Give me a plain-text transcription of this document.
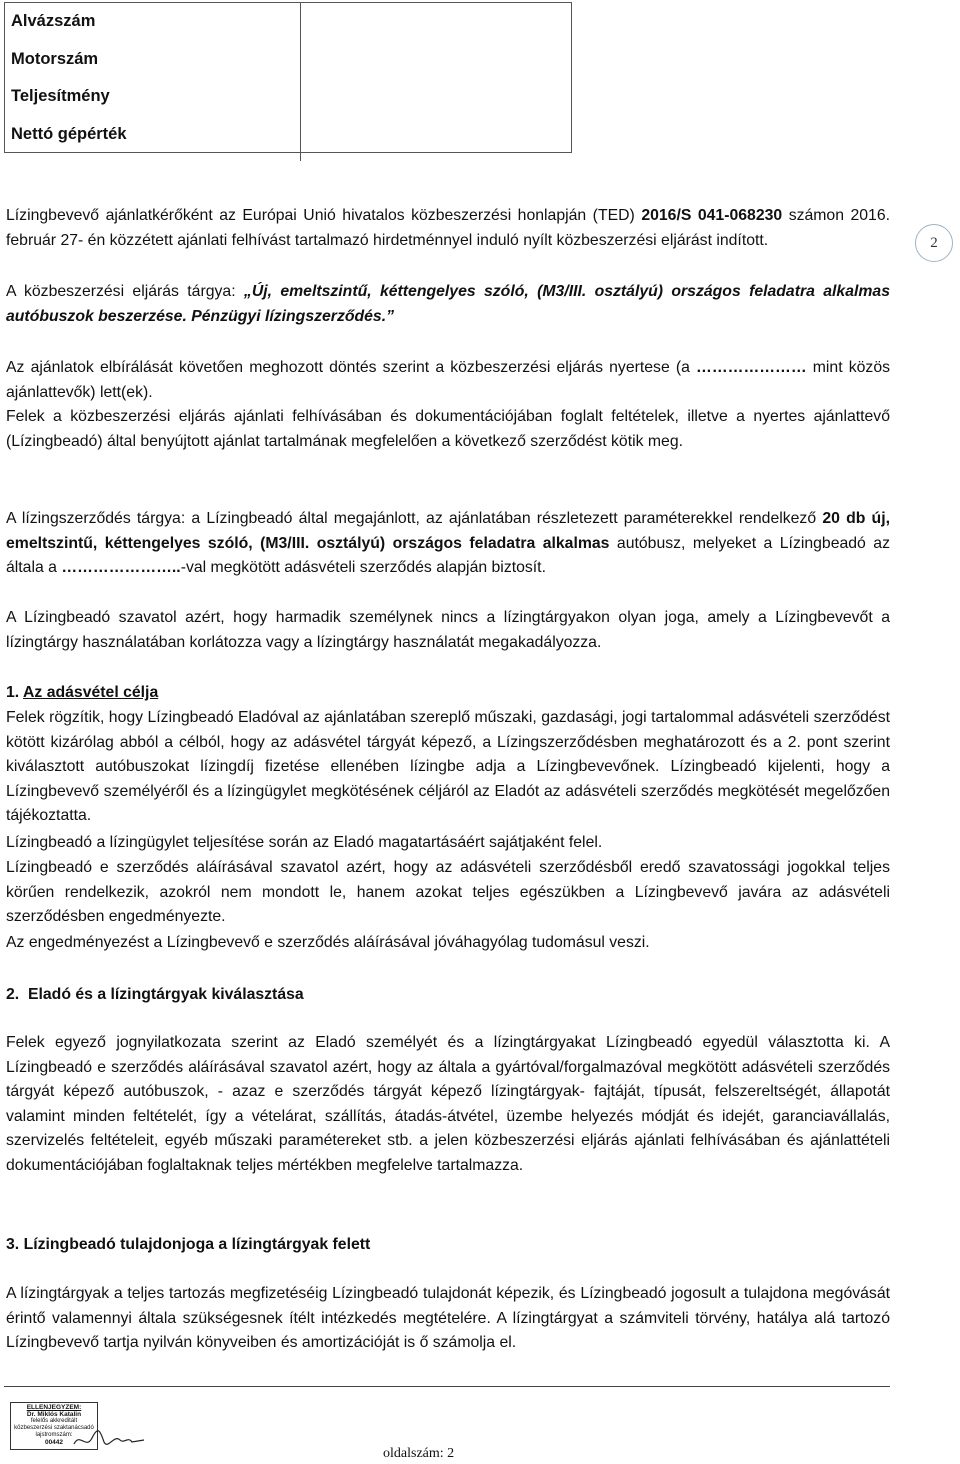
Alvázszám
Motorszám
Teljesítmény
Nettó gépérték
2
Lízingbevevő ajánlatkérőként az Európai Unió hivatalos közbeszerzési honlapján (TED) 2016/S 041-068230 számon 2016. február 27- én közzétett ajánlati felhívást tartalmazó hirdetménnyel induló nyílt közbeszerzési eljárást indított.
A közbeszerzési eljárás tárgya: „Új, emeltszintű, kéttengelyes szóló, (M3/III. osztályú) országos feladatra alkalmas autóbuszok beszerzése. Pénzügyi lízingszerződés.”
Az ajánlatok elbírálását követően meghozott döntés szerint a közbeszerzési eljárás nyertese (a ………………… mint közös ajánlattevők) lett(ek).
Felek a közbeszerzési eljárás ajánlati felhívásában és dokumentációjában foglalt feltételek, illetve a nyertes ajánlattevő (Lízingbeadó) által benyújtott ajánlat tartalmának megfelelően a következő szerződést kötik meg.
A lízingszerződés tárgya: a Lízingbeadó által megajánlott, az ajánlatában részletezett paraméterekkel rendelkező 20 db új, emeltszintű, kéttengelyes szóló, (M3/III. osztályú) országos feladatra alkalmas autóbusz, melyeket a Lízingbeadó az általa a …………………..-val megkötött adásvételi szerződés alapján biztosít.
A Lízingbeadó szavatol azért, hogy harmadik személynek nincs a lízingtárgyakon olyan joga, amely a Lízingbevevőt a lízingtárgy használatában korlátozza vagy a lízingtárgy használatát megakadályozza.
1. Az adásvétel célja
Felek rögzítik, hogy Lízingbeadó Eladóval az ajánlatában szereplő műszaki, gazdasági, jogi tartalommal adásvételi szerződést kötött kizárólag abból a célból, hogy az adásvétel tárgyát képező, a Lízingszerződésben meghatározott és a 2. pont szerint kiválasztott autóbuszokat lízingdíj fizetése ellenében lízingbe adja a Lízingbevevőnek. Lízingbeadó kijelenti, hogy a Lízingbevevő személyéről és a lízingügylet megkötésének céljáról az Eladót az adásvételi szerződés megkötését megelőzően tájékoztatta.
Lízingbeadó a lízingügylet teljesítése során az Eladó magatartásáért sajátjaként felel.
Lízingbeadó e szerződés aláírásával szavatol azért, hogy az adásvételi szerződésből eredő szavatossági jogokkal teljes körűen rendelkezik, azokról nem mondott le, hanem azokat teljes egészükben a Lízingbevevő javára az adásvételi szerződésben engedményezte.
Az engedményezést a Lízingbevevő e szerződés aláírásával jóváhagyólag tudomásul veszi.
2. Eladó és a lízingtárgyak kiválasztása
Felek egyező jognyilatkozata szerint az Eladó személyét és a lízingtárgyakat Lízingbeadó egyedül választotta ki. A Lízingbeadó e szerződés aláírásával szavatol azért, hogy az általa a gyártóval/forgalmazóval megkötött adásvételi szerződés tárgyát képező autóbuszok, - azaz e szerződés tárgyát képező lízingtárgyak- fajtáját, típusát, felszereltségét, állapotát valamint minden feltételét, így a vételárat, szállítás, átadás-átvétel, üzembe helyezés módját és idejét, garanciavállalás, szervizelés feltételeit, egyéb műszaki paramétereket stb. a jelen közbeszerzési eljárás ajánlati felhívásában és ajánlattételi dokumentációjában foglaltaknak teljes mértékben megfelelve tartalmazza.
3. Lízingbeadó tulajdonjoga a lízingtárgyak felett
A lízingtárgyak a teljes tartozás megfizetéséig Lízingbeadó tulajdonát képezik, és Lízingbeadó jogosult a tulajdona megóvását érintő valamennyi általa szükségesnek ítélt intézkedés megtételére. A lízingtárgyat a számviteli törvény, hatálya alá tartozó Lízingbevevő tartja nyilván könyveiben és amortizációját is ő számolja el.
ELLENJEGYZEM:
Dr. Miklós Katalin
felelős akkreditált
közbeszerzési szaktanácsadó
lajstromszám:
00442
oldalszám: 2
